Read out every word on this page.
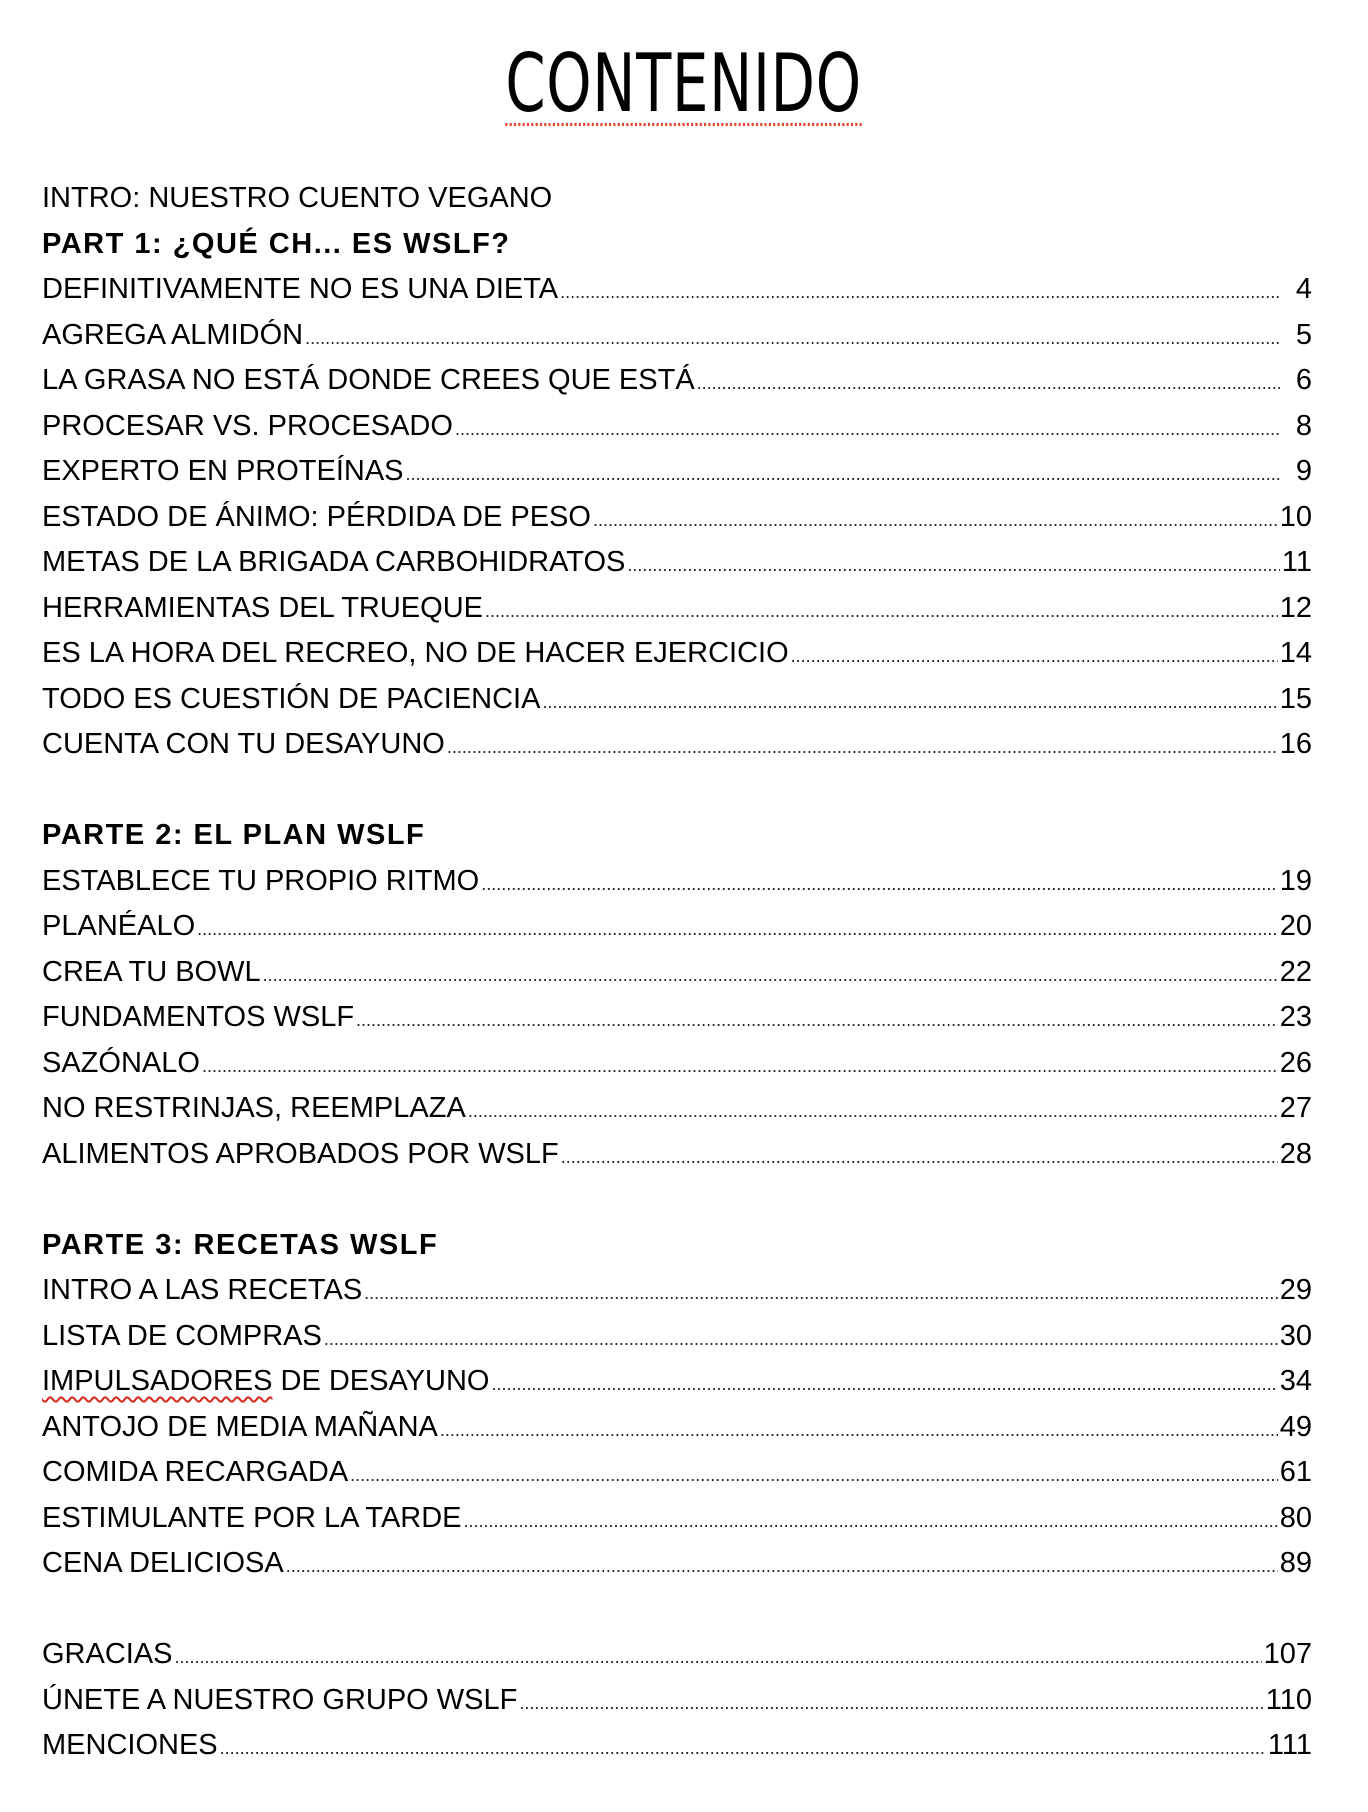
CONTENIDO
INTRO: NUESTRO CUENTO VEGANO
PART 1: ¿QUÉ CH... ES WSLF?
DEFINITIVAMENTE NO ES UNA DIETA .....	4
AGREGA ALMIDÓN .....	5
LA GRASA NO ESTÁ DONDE CREES QUE ESTÁ .....	6
PROCESAR VS. PROCESADO .....	8
EXPERTO EN PROTEÍNAS .....	9
ESTADO DE ÁNIMO: PÉRDIDA DE PESO .....	10
METAS DE LA BRIGADA CARBOHIDRATOS .....	11
HERRAMIENTAS DEL TRUEQUE .....	12
ES LA HORA DEL RECREO, NO DE HACER EJERCICIO .....	14
TODO ES CUESTIÓN DE PACIENCIA .....	15
CUENTA CON TU DESAYUNO .....	16
PARTE 2: EL PLAN WSLF
ESTABLECE TU PROPIO RITMO .....	19
PLANÉALO .....	20
CREA TU BOWL .....	22
FUNDAMENTOS WSLF .....	23
SAZÓNALO .....	26
NO RESTRINJAS, REEMPLAZA .....	27
ALIMENTOS APROBADOS POR WSLF .....	28
PARTE 3: RECETAS WSLF
INTRO A LAS RECETAS .....	29
LISTA DE COMPRAS .....	30
IMPULSADORES DE DESAYUNO .....	34
ANTOJO DE MEDIA MAÑANA .....	49
COMIDA RECARGADA .....	61
ESTIMULANTE POR LA TARDE .....	80
CENA DELICIOSA .....	89
GRACIAS .....	107
ÚNETE A NUESTRO GRUPO WSLF .....	110
MENCIONES .....	111
